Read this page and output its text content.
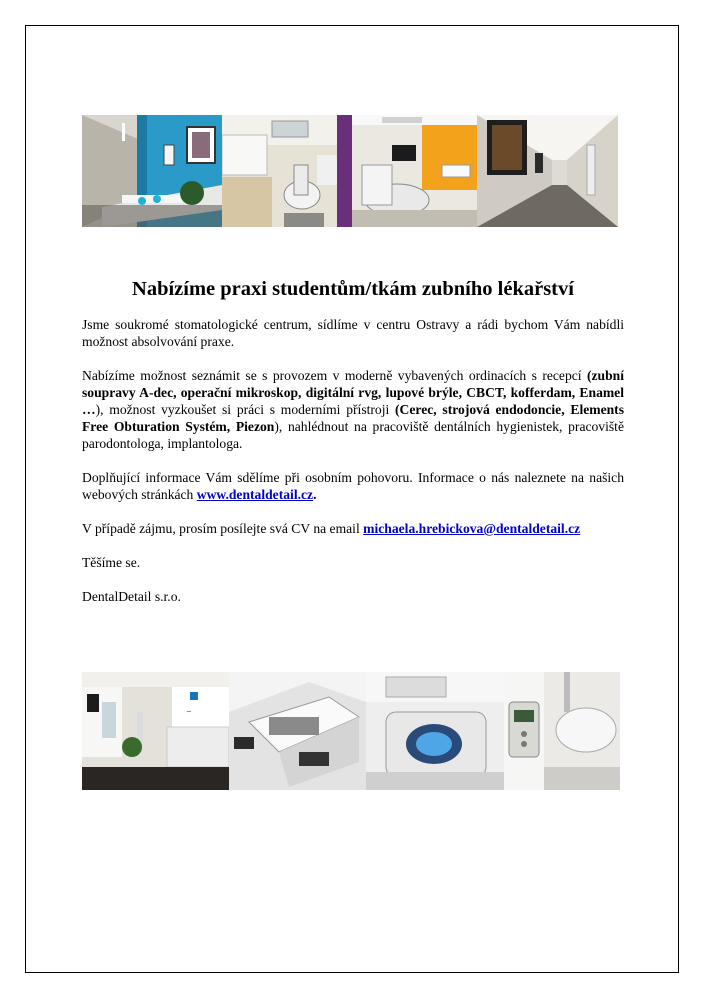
Nabízíme praxi studentům/tkám zubního lékařství

Jsme soukromé stomatologické centrum, sídlíme v centru Ostravy a rádi bychom Vám nabídli možnost absolvování praxe.

Nabízíme možnost seznámit se s provozem v moderně vybavených ordinacích s recepcí (zubní soupravy A-dec, operační mikroskop, digitální rvg, lupové brýle, CBCT, kofferdam, Enamel …), možnost vyzkoušet si práci s moderními přístroji (Cerec, strojová endodoncie, Elements Free Obturation Systém, Piezon), nahlédnout na pracoviště dentálních hygienistek, pracoviště parodontologa, implantologa.

Doplňující informace Vám sdělíme při osobním pohovoru. Informace o nás naleznete na našich webových stránkách www.dentaldetail.cz.

V případě zájmu, prosím posílejte svá CV na email michaela.hrebickova@dentaldetail.cz

Těšíme se.

DentalDetail s.r.o.

~
